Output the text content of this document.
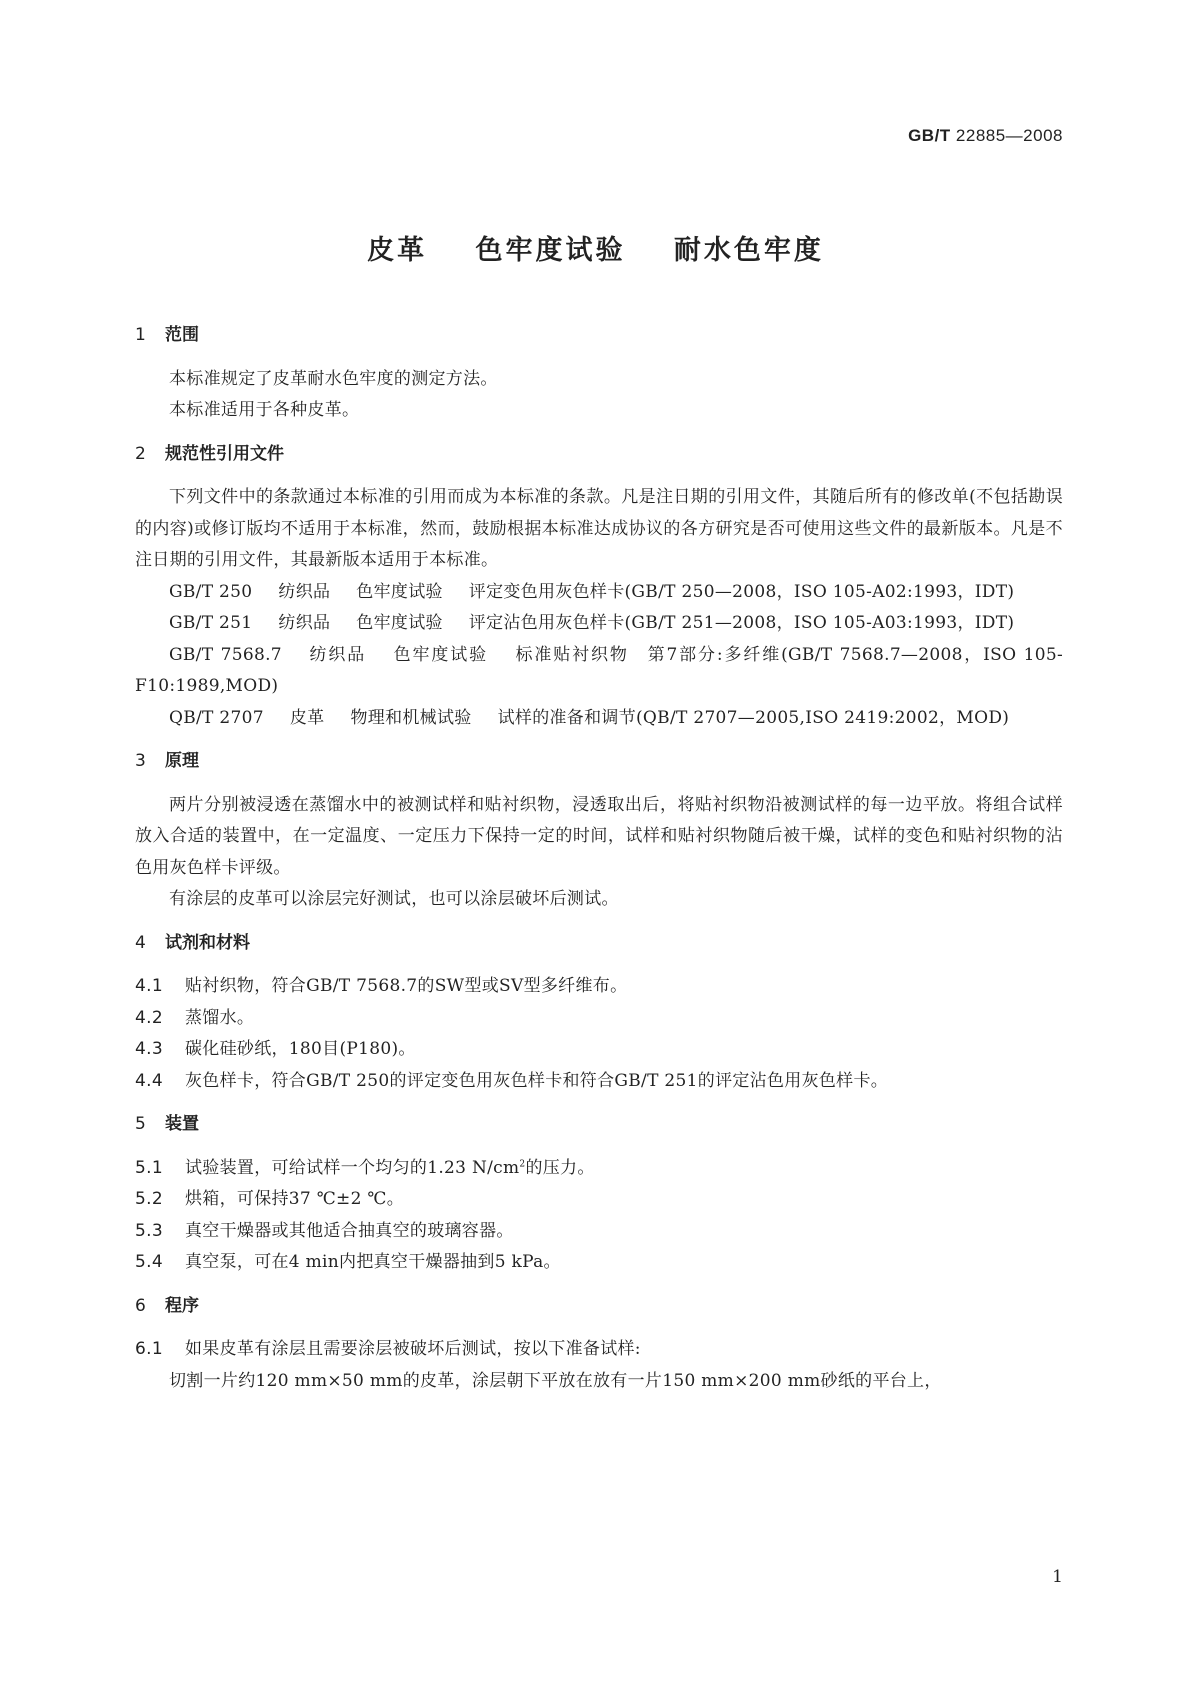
GB/T 22885—2008
皮革 色牢度试验 耐水色牢度
1 范围

本标准规定了皮革耐水色牢度的测定方法。

本标准适用于各种皮革。

2 规范性引用文件

下列文件中的条款通过本标准的引用而成为本标准的条款。凡是注日期的引用文件，其随后所有的修改单(不包括勘误的内容)或修订版均不适用于本标准，然而，鼓励根据本标准达成协议的各方研究是否可使用这些文件的最新版本。凡是不注日期的引用文件，其最新版本适用于本标准。

GB/T 250 纺织品 色牢度试验 评定变色用灰色样卡(GB/T 250—2008，ISO 105-A02:1993，IDT)

GB/T 251 纺织品 色牢度试验 评定沾色用灰色样卡(GB/T 251—2008，ISO 105-A03:1993，IDT)

GB/T 7568.7 纺织品 色牢度试验 标准贴衬织物　第7部分:多纤维(GB/T 7568.7—2008，ISO 105-F10:1989,MOD)

QB/T 2707 皮革 物理和机械试验 试样的准备和调节(QB/T 2707—2005,ISO 2419:2002，MOD)

3 原理

两片分别被浸透在蒸馏水中的被测试样和贴衬织物，浸透取出后，将贴衬织物沿被测试样的每一边平放。将组合试样放入合适的装置中，在一定温度、一定压力下保持一定的时间，试样和贴衬织物随后被干燥，试样的变色和贴衬织物的沾色用灰色样卡评级。

有涂层的皮革可以涂层完好测试，也可以涂层破坏后测试。

4 试剂和材料
4.1 贴衬织物，符合GB/T 7568.7的SW型或SV型多纤维布。
4.2 蒸馏水。
4.3 碳化硅砂纸，180目(P180)。
4.4 灰色样卡，符合GB/T 250的评定变色用灰色样卡和符合GB/T 251的评定沾色用灰色样卡。
5 装置
5.1 试验装置，可给试样一个均匀的1.23 $N/cm^2$的压力。
5.2 烘箱，可保持37 ℃±2 ℃。
5.3 真空干燥器或其他适合抽真空的玻璃容器。
5.4 真空泵，可在4 min内把真空干燥器抽到5 kPa。
6 程序
6.1 如果皮革有涂层且需要涂层被破坏后测试，按以下准备试样:

切割一片约120 mm×50 mm的皮革，涂层朝下平放在放有一片150 mm×200 mm砂纸的平台上，

1
